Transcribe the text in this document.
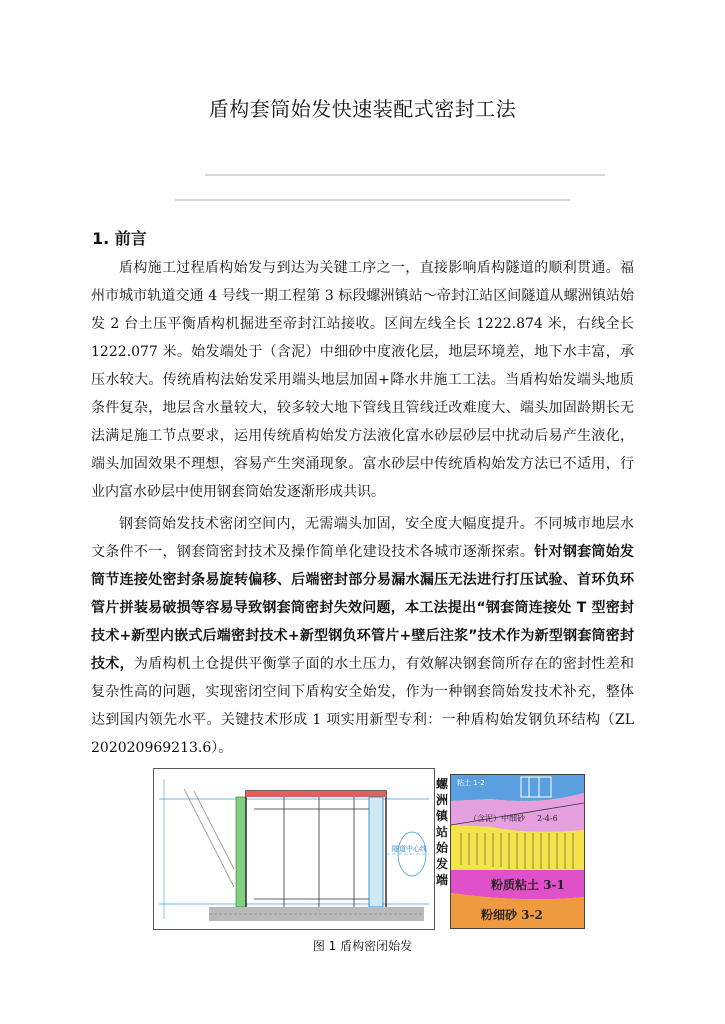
盾构套筒始发快速装配式密封工法
1. 前言
盾构施工过程盾构始发与到达为关键工序之一，直接影响盾构隧道的顺利贯通。福州市城市轨道交通 4 号线一期工程第 3 标段螺洲镇站～帝封江站区间隧道从螺洲镇站始发 2 台土压平衡盾构机掘进至帝封江站接收。区间左线全长 1222.874 米，右线全长 1222.077 米。始发端处于（含泥）中细砂中度液化层，地层环境差，地下水丰富，承压水较大。传统盾构法始发采用端头地层加固+降水井施工工法。当盾构始发端头地质条件复杂，地层含水量较大，较多较大地下管线且管线迁改难度大、端头加固龄期长无法满足施工节点要求，运用传统盾构始发方法液化富水砂层砂层中扰动后易产生液化，端头加固效果不理想，容易产生突涌现象。富水砂层中传统盾构始发方法已不适用，行业内富水砂层中使用钢套筒始发逐渐形成共识。
钢套筒始发技术密闭空间内，无需端头加固，安全度大幅度提升。不同城市地层水文条件不一，钢套筒密封技术及操作简单化建设技术各城市逐渐探索。针对钢套筒始发筒节连接处密封条易旋转偏移、后端密封部分易漏水漏压无法进行打压试验、首环负环管片拼装易破损等容易导致钢套筒密封失效问题，本工法提出“钢套筒连接处 T 型密封技术+新型内嵌式后端密封技术+新型钢负环管片+壁后注浆”技术作为新型钢套筒密封技术，为盾构机土仓提供平衡掌子面的水土压力，有效解决钢套筒所存在的密封性差和复杂性高的问题，实现密闭空间下盾构安全始发，作为一种钢套筒始发技术补充，整体达到国内领先水平。关键技术形成 1 项实用新型专利：一种盾构始发钢负环结构（ZL 202020969213.6）。
隧道中心线
螺洲镇站始发端
粘土 1-2
（含泥）中细砂 2-4-6
粉质粘土 3-1
粉细砂 3-2
图 1 盾构密闭始发
